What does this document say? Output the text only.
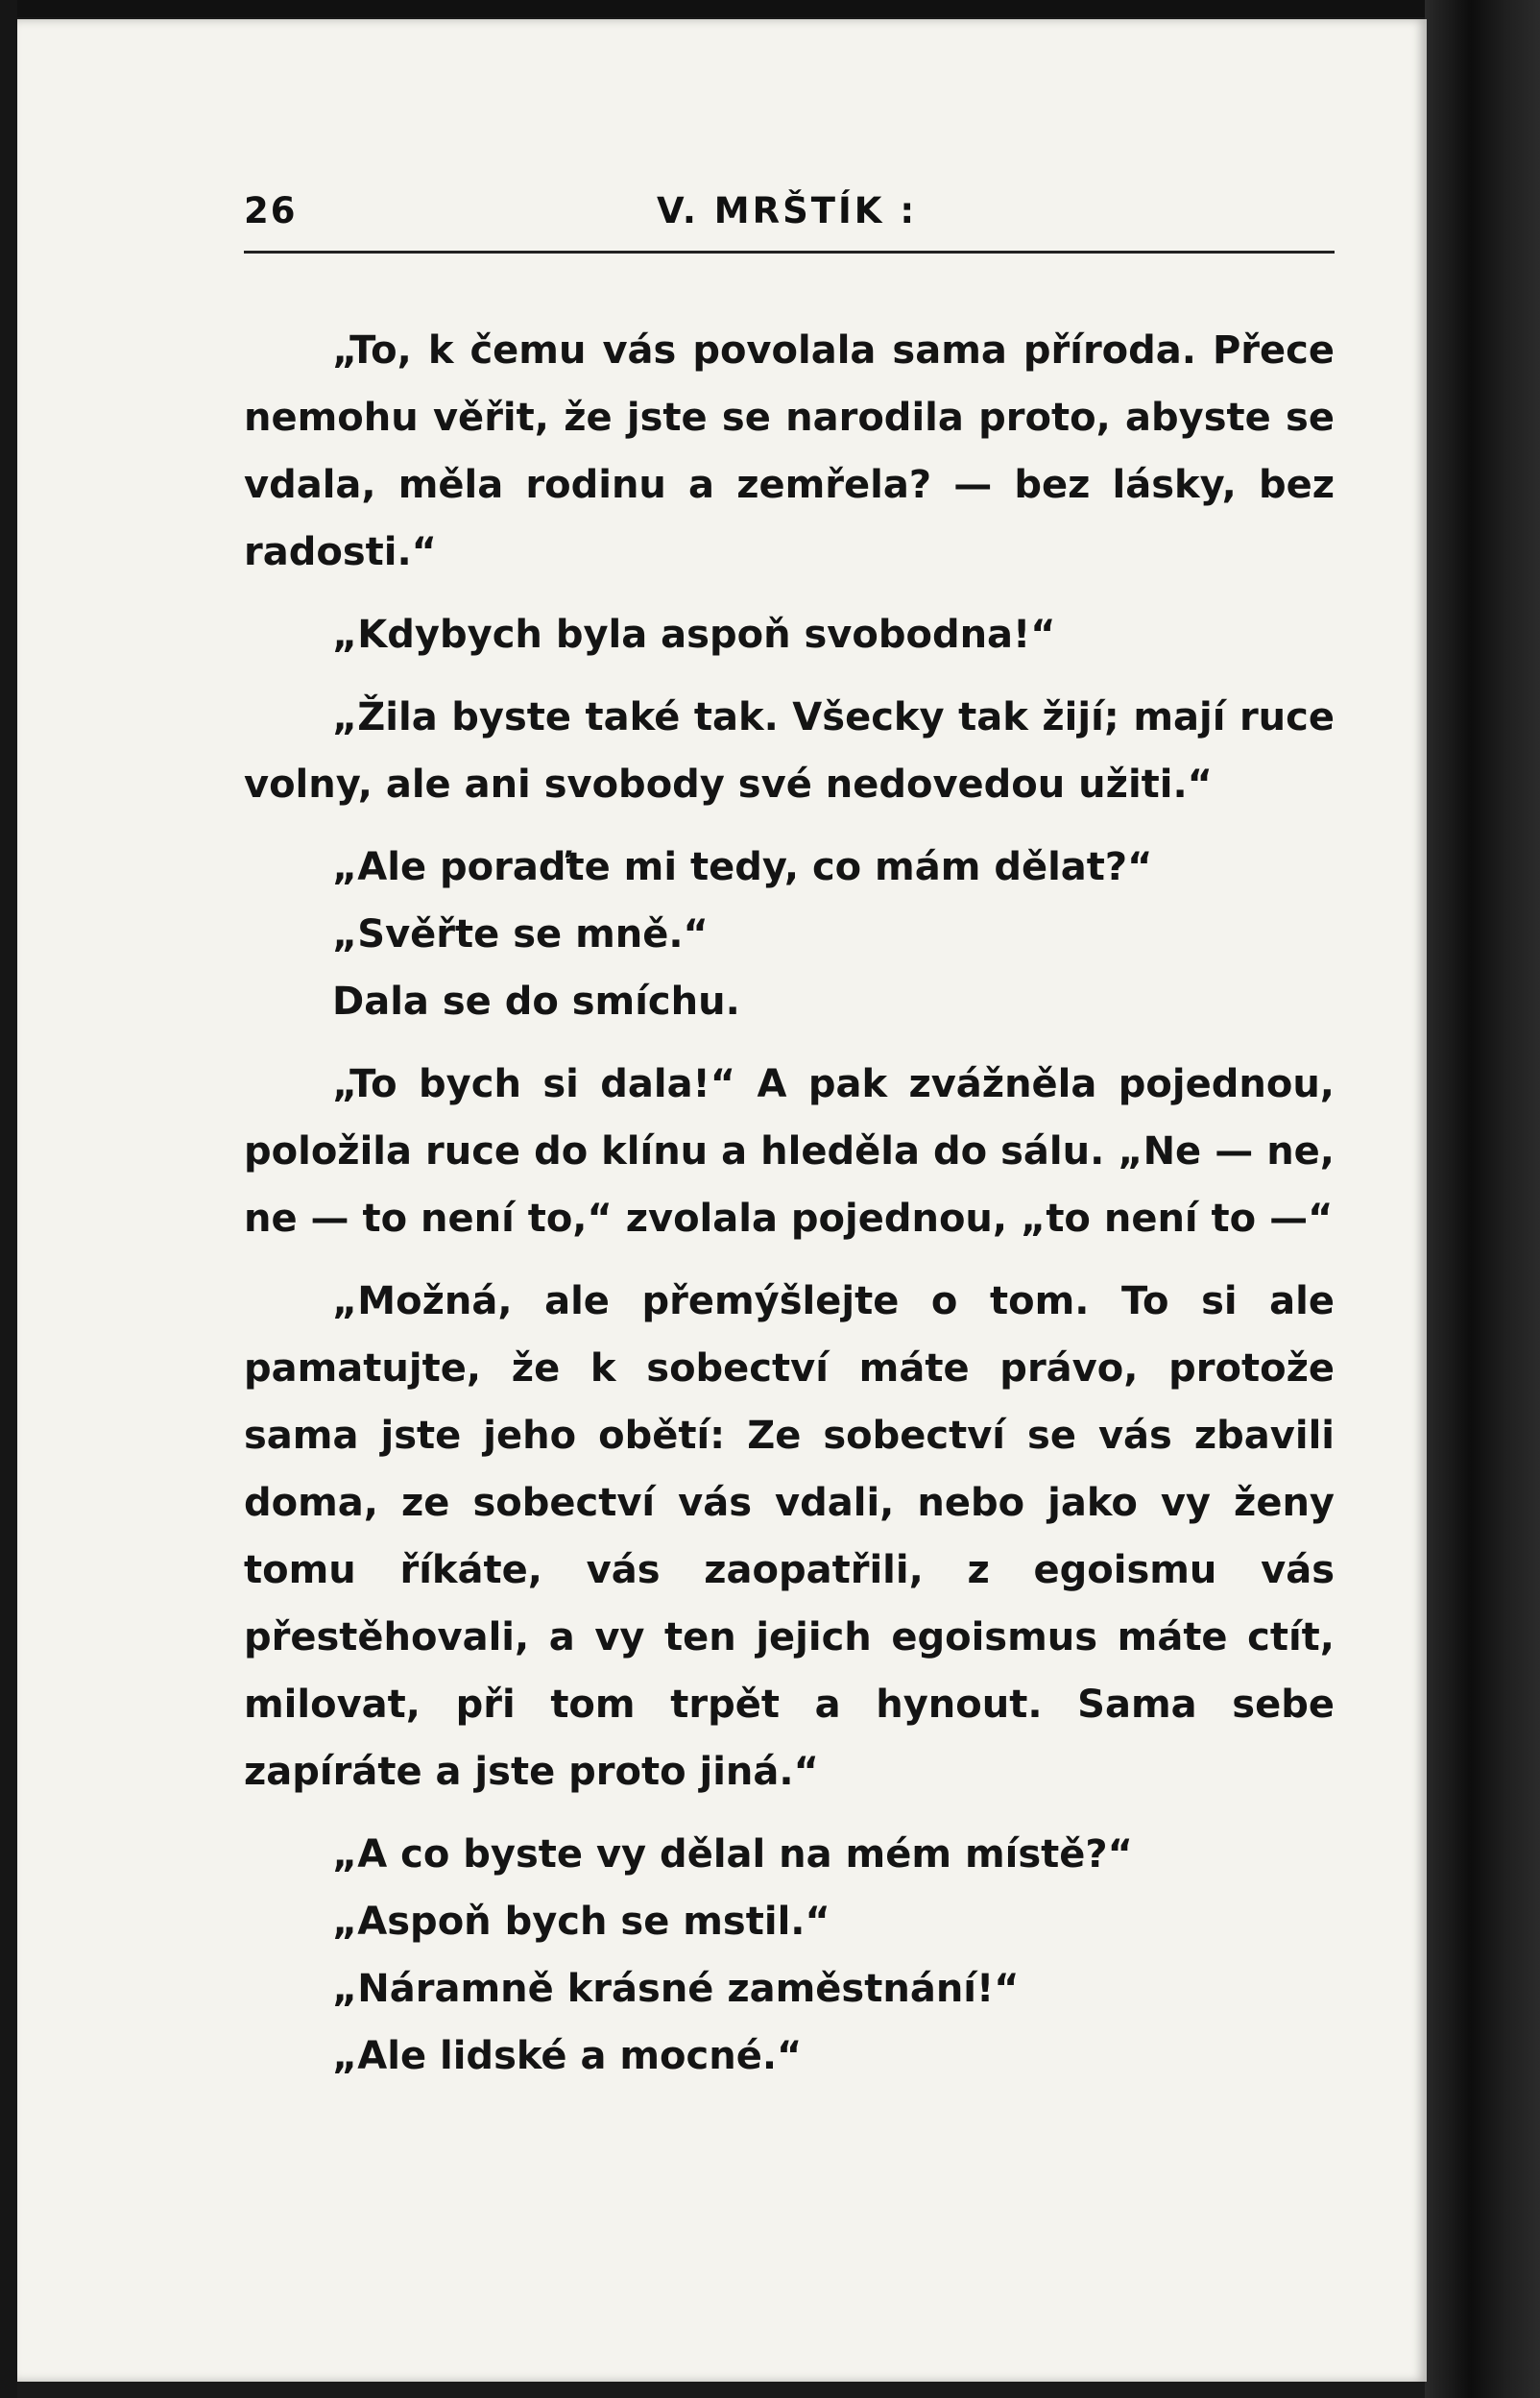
26	V. MRŠTÍK :

„To, k čemu vás povolala sama příroda. Přece nemohu věřit, že jste se narodila proto, abyste se vdala, měla rodinu a zemřela? — bez lásky, bez radosti.“

„Kdybych byla aspoň svobodna!“

„Žila byste také tak. Všecky tak žijí; mají ruce volny, ale ani svobody své nedovedou užiti.“

„Ale poraďte mi tedy, co mám dělat?“

„Svěřte se mně.“

Dala se do smíchu.

„To bych si dala!“ A pak zvážněla pojednou, položila ruce do klínu a hleděla do sálu. „Ne — ne, ne — to není to,“ zvolala pojednou, „to není to —“

„Možná, ale přemýšlejte o tom. To si ale pamatujte, že k sobectví máte právo, protože sama jste jeho obětí: Ze sobectví se vás zbavili doma, ze sobectví vás vdali, nebo jako vy ženy tomu říkáte, vás zaopatřili, z egoismu vás přestěhovali, a vy ten jejich egoismus máte ctít, milovat, při tom trpět a hynout. Sama sebe zapíráte a jste proto jiná.“

„A co byste vy dělal na mém místě?“

„Aspoň bych se mstil.“

„Náramně krásné zaměstnání!“

„Ale lidské a mocné.“
